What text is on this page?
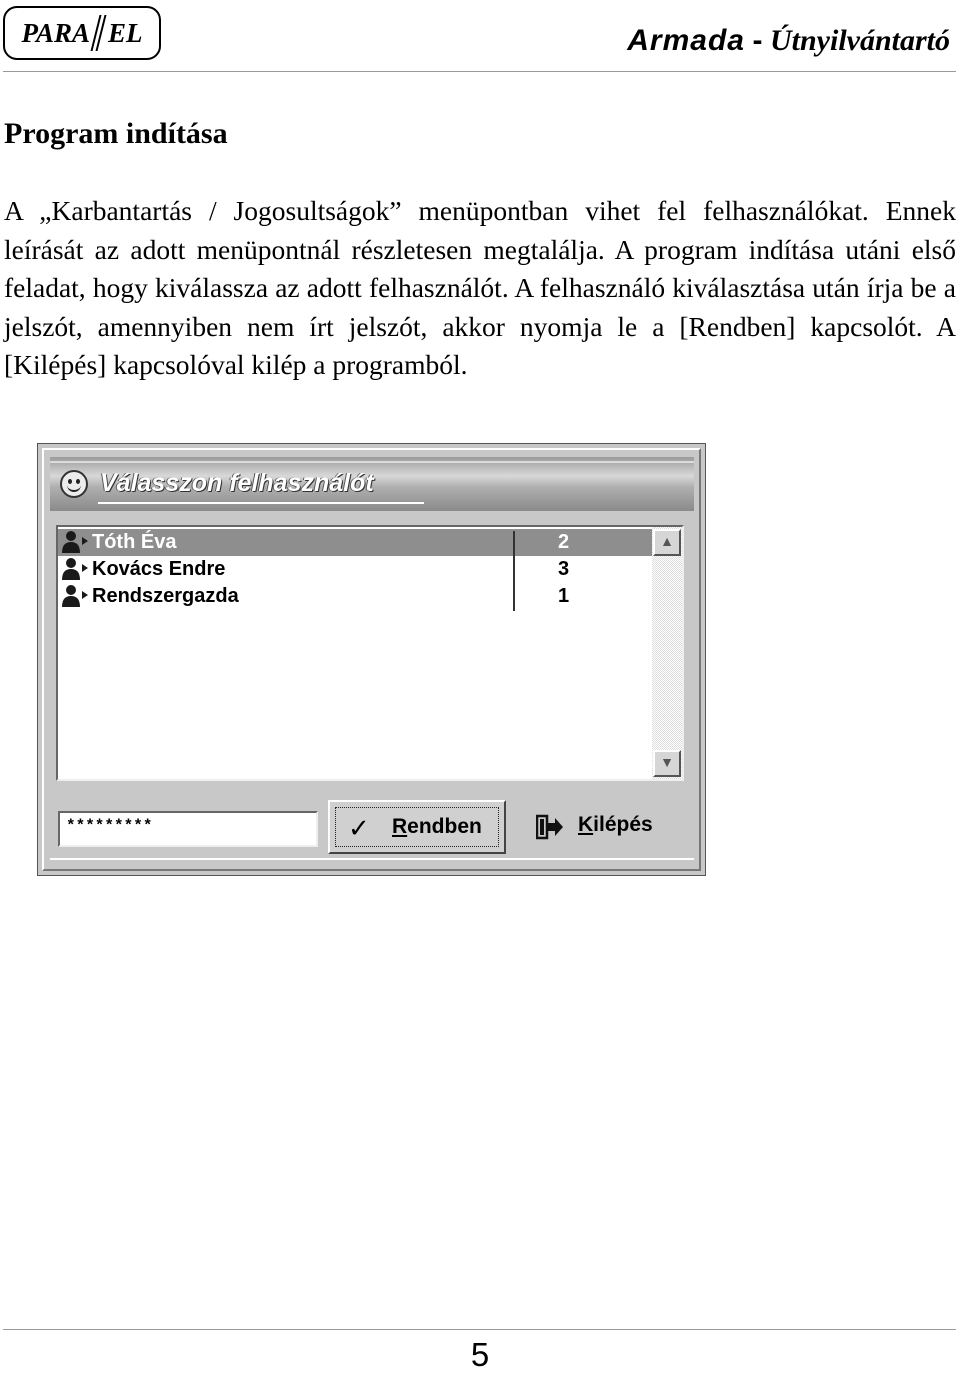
PARA EL	Armada - Útnyilvántartó
Program indítása

A „Karbantartás / Jogosultságok” menüpontban vihet fel felhasználókat. Ennek leírását az adott menüpontnál részletesen megtalálja. A program indítása utáni első feladat, hogy kiválassza az adott felhasználót. A felhasználó kiválasztása után írja be a jelszót, amennyiben nem írt jelszót, akkor nyomja le a [Rendben] kapcsolót. A [Kilépés] kapcsolóval kilép a programból.

Válasszon felhasználót
Tóth Éva	2
Kovács Endre	3
Rendszergazda	1
▲
▼
*********	✓ Rendben	Kilépés
5
